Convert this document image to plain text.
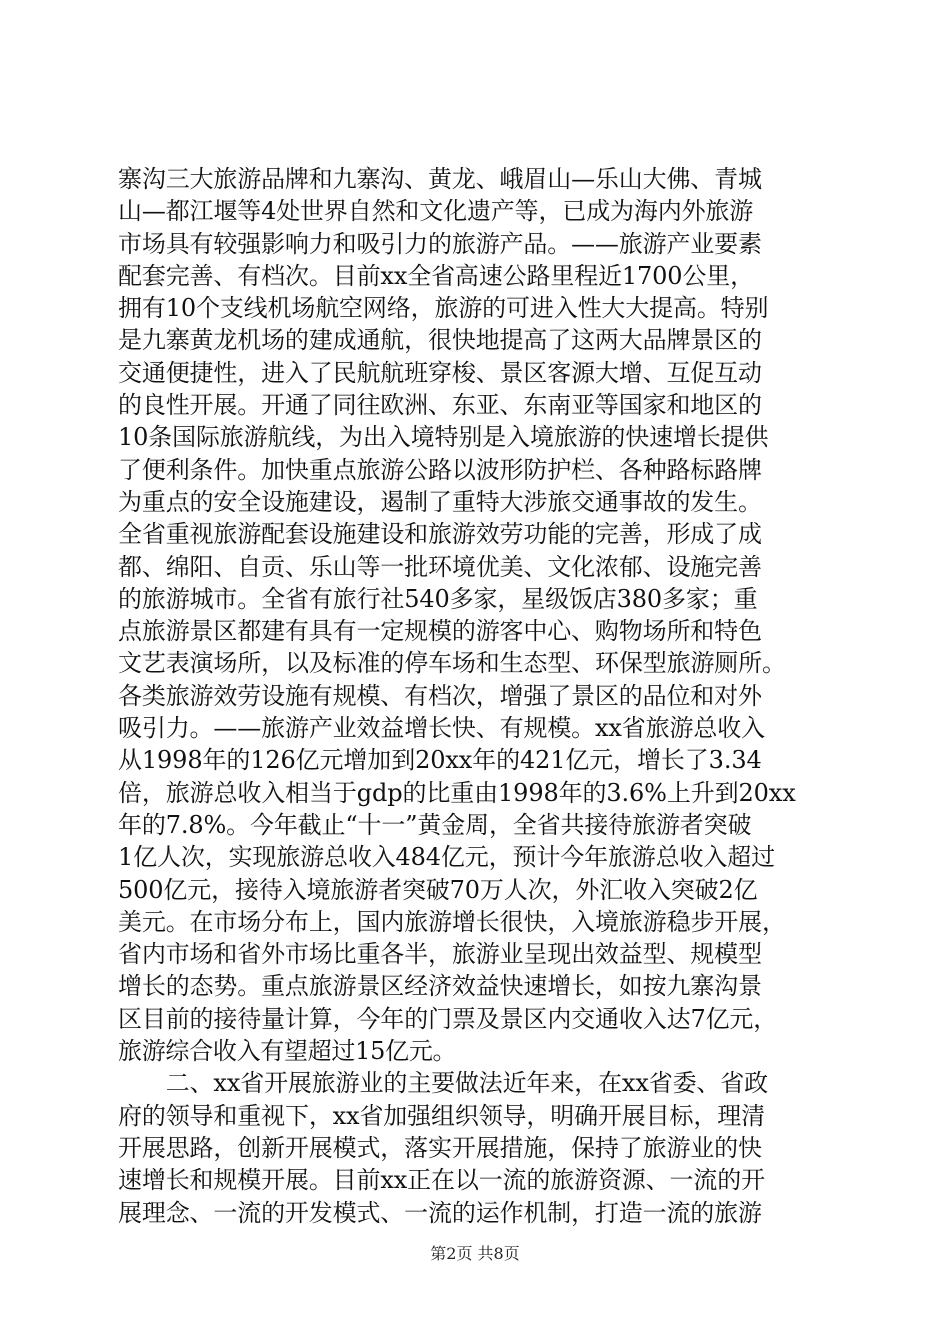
寨沟三大旅游品牌和九寨沟、黄龙、峨眉山—乐山大佛、青城
山—都江堰等4处世界自然和文化遗产等，已成为海内外旅游
市场具有较强影响力和吸引力的旅游产品。——旅游产业要素
配套完善、有档次。目前xx全省高速公路里程近1700公里，
拥有10个支线机场航空网络，旅游的可进入性大大提高。特别
是九寨黄龙机场的建成通航，很快地提高了这两大品牌景区的
交通便捷性，进入了民航航班穿梭、景区客源大增、互促互动
的良性开展。开通了同往欧洲、东亚、东南亚等国家和地区的
10条国际旅游航线，为出入境特别是入境旅游的快速增长提供
了便利条件。加快重点旅游公路以波形防护栏、各种路标路牌
为重点的安全设施建设，遏制了重特大涉旅交通事故的发生。
全省重视旅游配套设施建设和旅游效劳功能的完善，形成了成
都、绵阳、自贡、乐山等一批环境优美、文化浓郁、设施完善
的旅游城市。全省有旅行社540多家，星级饭店380多家；重
点旅游景区都建有具有一定规模的游客中心、购物场所和特色
文艺表演场所，以及标准的停车场和生态型、环保型旅游厕所。
各类旅游效劳设施有规模、有档次，增强了景区的品位和对外
吸引力。——旅游产业效益增长快、有规模。xx省旅游总收入
从1998年的126亿元增加到20xx年的421亿元，增长了3.34
倍，旅游总收入相当于gdp的比重由1998年的3.6%上升到20xx
年的7.8%。今年截止“十一”黄金周，全省共接待旅游者突破
1亿人次，实现旅游总收入484亿元，预计今年旅游总收入超过
500亿元，接待入境旅游者突破70万人次，外汇收入突破2亿
美元。在市场分布上，国内旅游增长很快，入境旅游稳步开展，
省内市场和省外市场比重各半，旅游业呈现出效益型、规模型
增长的态势。重点旅游景区经济效益快速增长，如按九寨沟景
区目前的接待量计算，今年的门票及景区内交通收入达7亿元，
旅游综合收入有望超过15亿元。
　　二、xx省开展旅游业的主要做法近年来，在xx省委、省政
府的领导和重视下，xx省加强组织领导，明确开展目标，理清
开展思路，创新开展模式，落实开展措施，保持了旅游业的快
速增长和规模开展。目前xx正在以一流的旅游资源、一流的开
展理念、一流的开发模式、一流的运作机制，打造一流的旅游
第2页 共8页
